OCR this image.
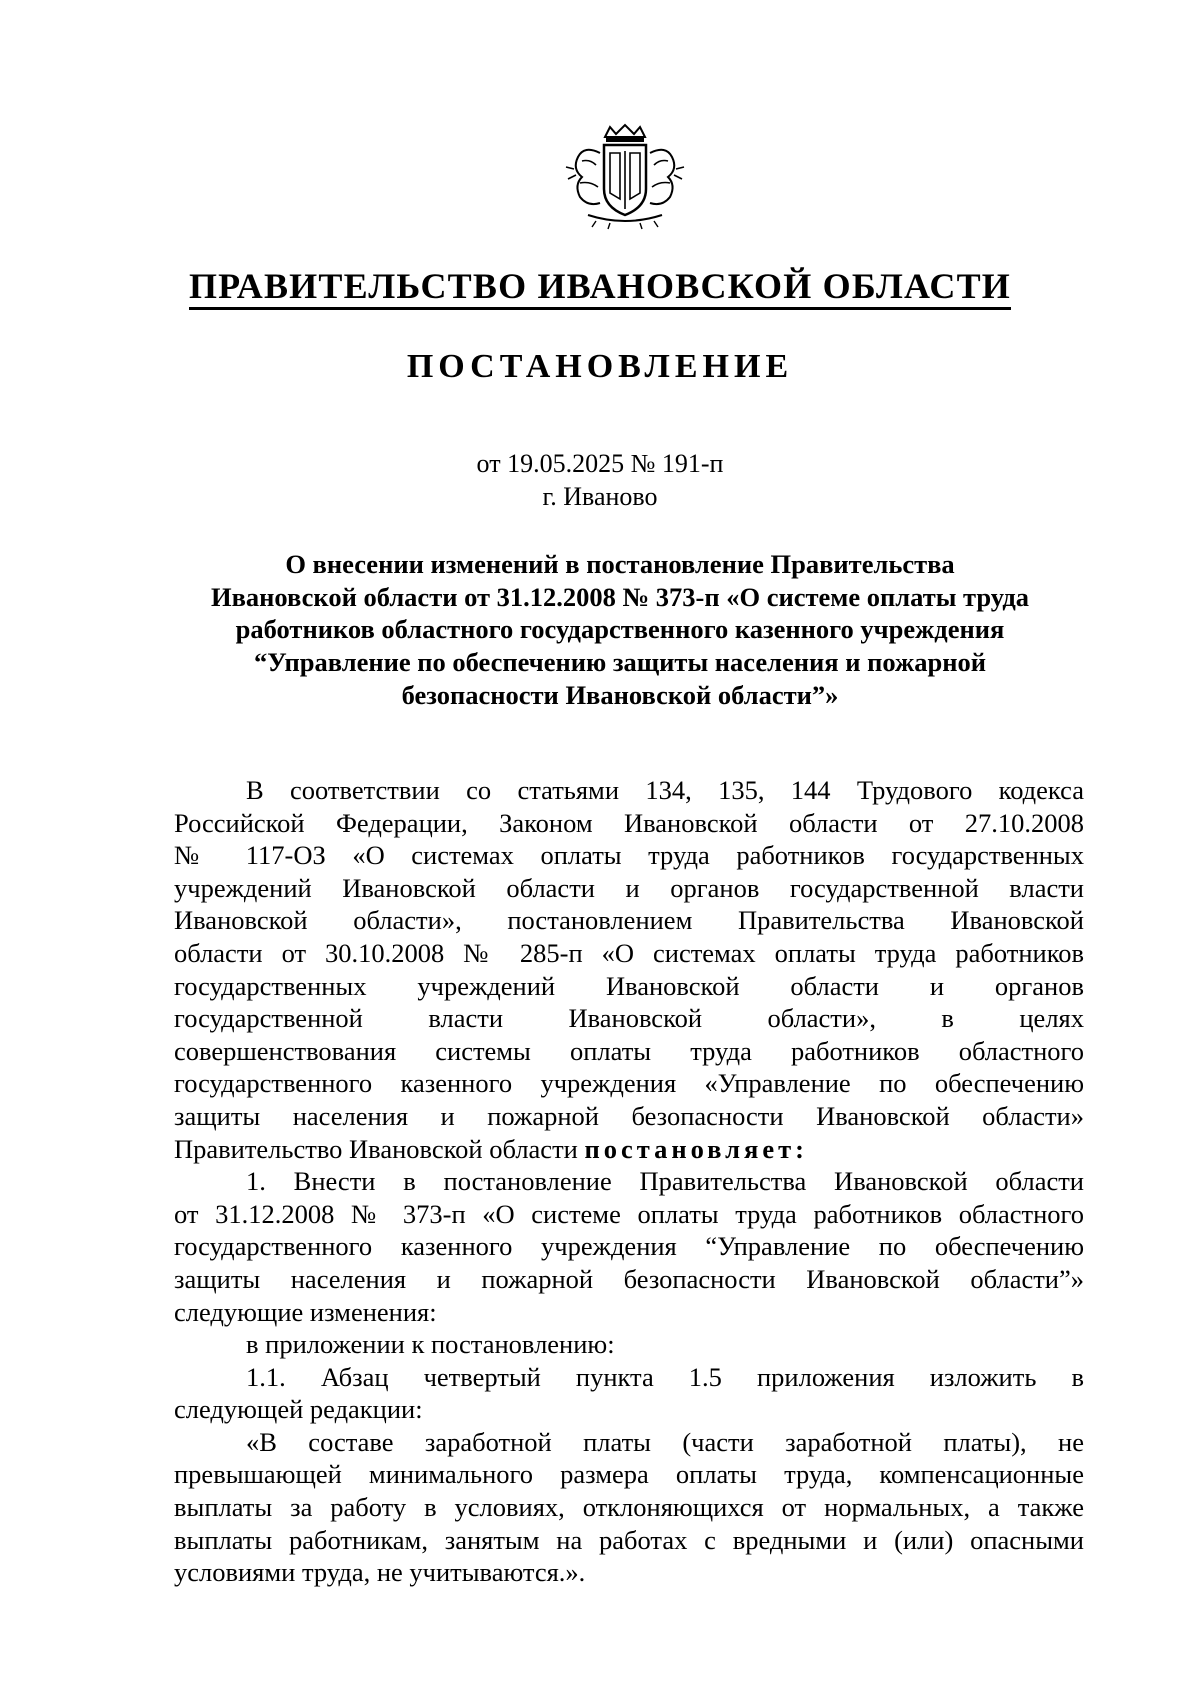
ПРАВИТЕЛЬСТВО ИВАНОВСКОЙ ОБЛАСТИ
ПОСТАНОВЛЕНИЕ
от 19.05.2025 № 191-п
г. Иваново
О внесении изменений в постановление Правительства
Ивановской области от 31.12.2008 № 373-п «О системе оплаты труда
работников областного государственного казенного учреждения
“Управление по обеспечению защиты населения и пожарной
безопасности Ивановской области”»
В соответствии со статьями 134, 135, 144 Трудового кодекса
Российской Федерации, Законом Ивановской области от 27.10.2008
№ 117-ОЗ «О системах оплаты труда работников государственных
учреждений Ивановской области и органов государственной власти
Ивановской области», постановлением Правительства Ивановской
области от 30.10.2008 № 285-п «О системах оплаты труда работников
государственных учреждений Ивановской области и органов
государственной власти Ивановской области», в целях
совершенствования системы оплаты труда работников областного
государственного казенного учреждения «Управление по обеспечению
защиты населения и пожарной безопасности Ивановской области»
Правительство Ивановской области постановляет:
1. Внести в постановление Правительства Ивановской области
от 31.12.2008 № 373-п «О системе оплаты труда работников областного
государственного казенного учреждения “Управление по обеспечению
защиты населения и пожарной безопасности Ивановской области”»
следующие изменения:
в приложении к постановлению:
1.1. Абзац четвертый пункта 1.5 приложения изложить в
следующей редакции:
«В составе заработной платы (части заработной платы), не
превышающей минимального размера оплаты труда, компенсационные
выплаты за работу в условиях, отклоняющихся от нормальных, а также
выплаты работникам, занятым на работах с вредными и (или) опасными
условиями труда, не учитываются.».
